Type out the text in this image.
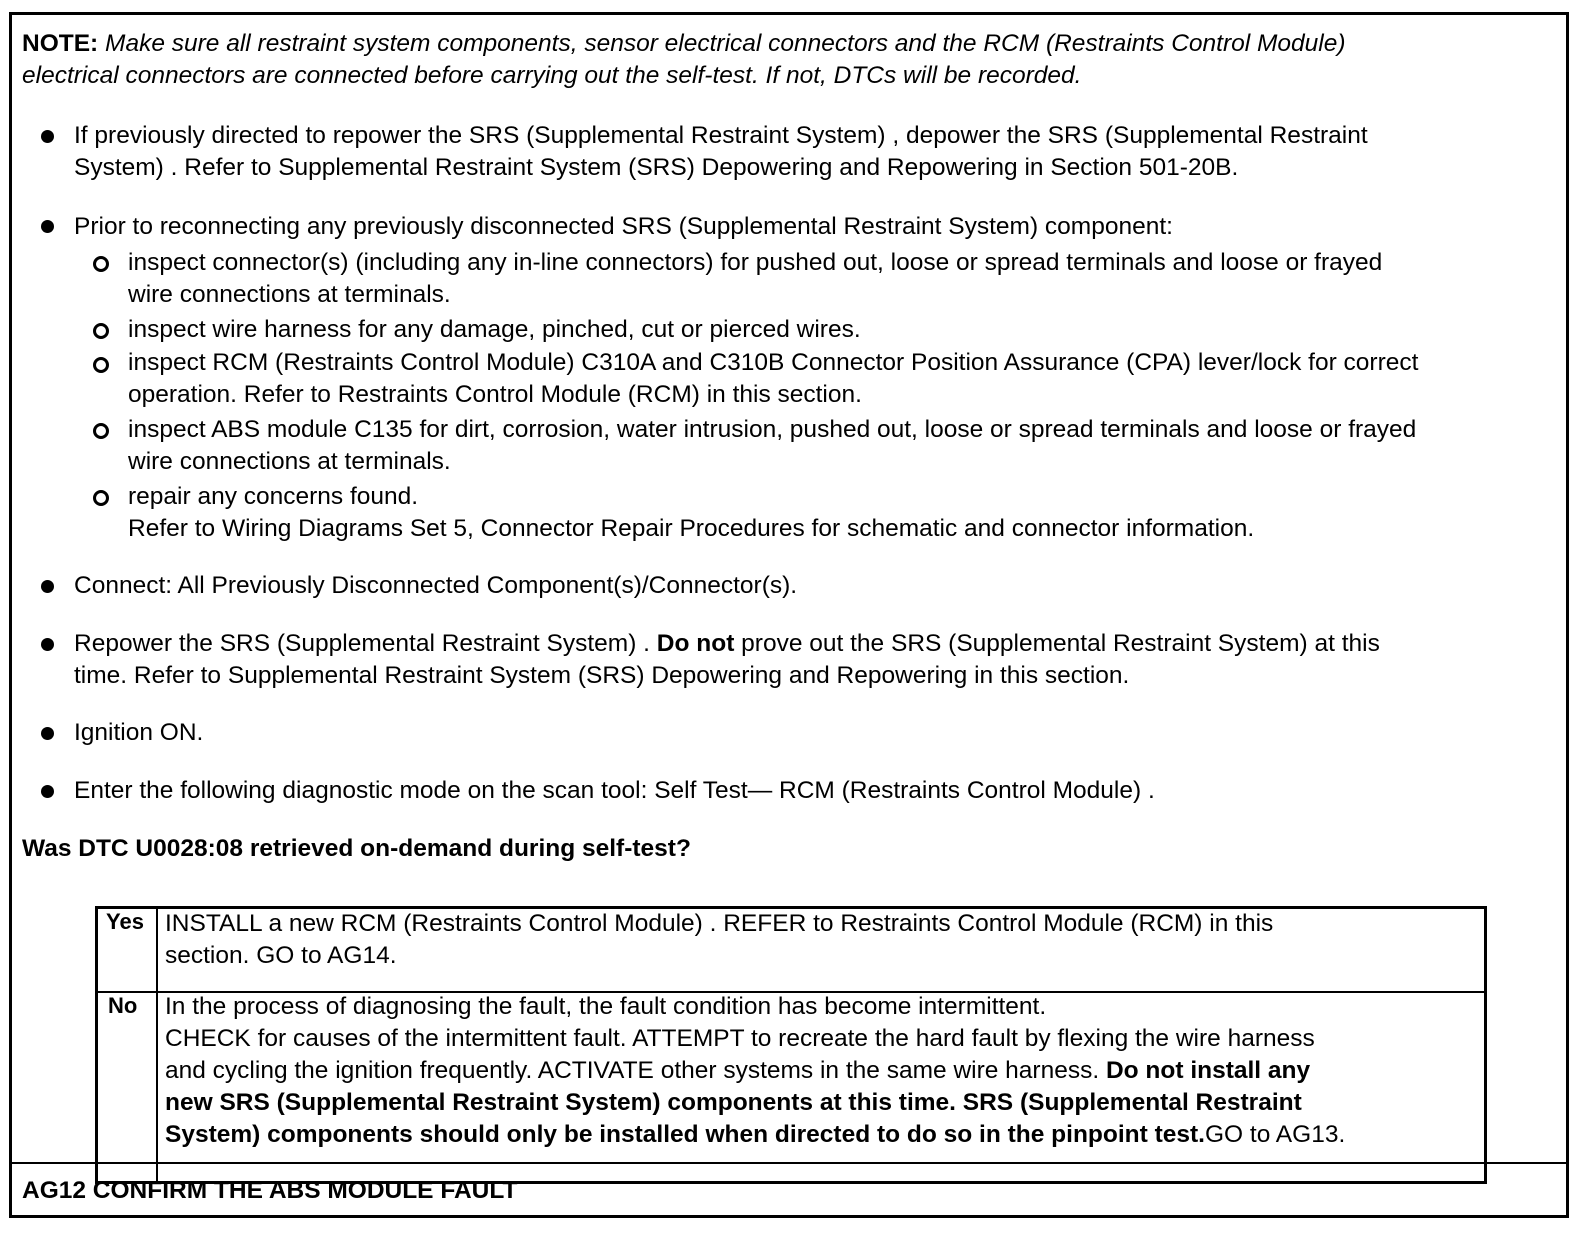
NOTE: Make sure all restraint system components, sensor electrical connectors and the RCM (Restraints Control Module)
electrical connectors are connected before carrying out the self-test. If not, DTCs will be recorded.
If previously directed to repower the SRS (Supplemental Restraint System) , depower the SRS (Supplemental Restraint
System) . Refer to Supplemental Restraint System (SRS) Depowering and Repowering in Section 501-20B.
Prior to reconnecting any previously disconnected SRS (Supplemental Restraint System) component:
inspect connector(s) (including any in-line connectors) for pushed out, loose or spread terminals and loose or frayed
wire connections at terminals.
inspect wire harness for any damage, pinched, cut or pierced wires.
inspect RCM (Restraints Control Module) C310A and C310B Connector Position Assurance (CPA) lever/lock for correct
operation. Refer to Restraints Control Module (RCM) in this section.
inspect ABS module C135 for dirt, corrosion, water intrusion, pushed out, loose or spread terminals and loose or frayed
wire connections at terminals.
repair any concerns found.
Refer to Wiring Diagrams Set 5, Connector Repair Procedures for schematic and connector information.
Connect: All Previously Disconnected Component(s)/Connector(s).
Repower the SRS (Supplemental Restraint System) . Do not prove out the SRS (Supplemental Restraint System) at this
time. Refer to Supplemental Restraint System (SRS) Depowering and Repowering in this section.
Ignition ON.
Enter the following diagnostic mode on the scan tool: Self Test— RCM (Restraints Control Module) .
Was DTC U0028:08 retrieved on-demand during self-test?
Yes INSTALL a new RCM (Restraints Control Module) . REFER to Restraints Control Module (RCM) in this
section. GO to AG14.
No In the process of diagnosing the fault, the fault condition has become intermittent.
CHECK for causes of the intermittent fault. ATTEMPT to recreate the hard fault by flexing the wire harness
and cycling the ignition frequently. ACTIVATE other systems in the same wire harness. Do not install any
new SRS (Supplemental Restraint System) components at this time. SRS (Supplemental Restraint
System) components should only be installed when directed to do so in the pinpoint test.GO to AG13.
AG12 CONFIRM THE ABS MODULE FAULT
